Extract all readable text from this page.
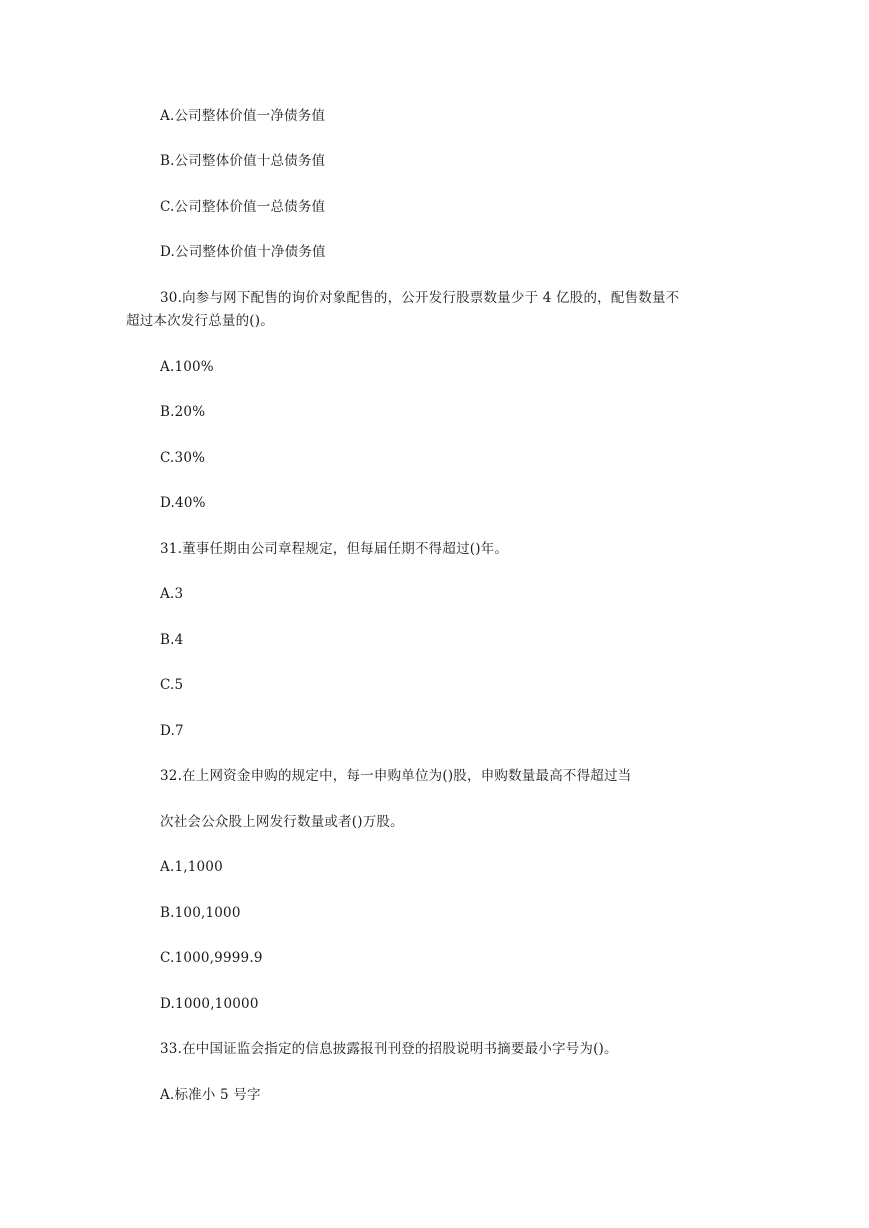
A.公司整体价值一净债务值
B.公司整体价值十总债务值
C.公司整体价值一总债务值
D.公司整体价值十净债务值
30.向参与网下配售的询价对象配售的，公开发行股票数量少于 4 亿股的，配售数量不
超过本次发行总量的()。
A.100%
B.20%
C.30%
D.40%
31.董事任期由公司章程规定，但每届任期不得超过()年。
A.3
B.4
C.5
D.7
32.在上网资金申购的规定中，每一申购单位为()股，申购数量最高不得超过当
次社会公众股上网发行数量或者()万股。
A.1,1000
B.100,1000
C.1000,9999.9
D.1000,10000
33.在中国证监会指定的信息披露报刊刊登的招股说明书摘要最小字号为()。
A.标准小 5 号字
